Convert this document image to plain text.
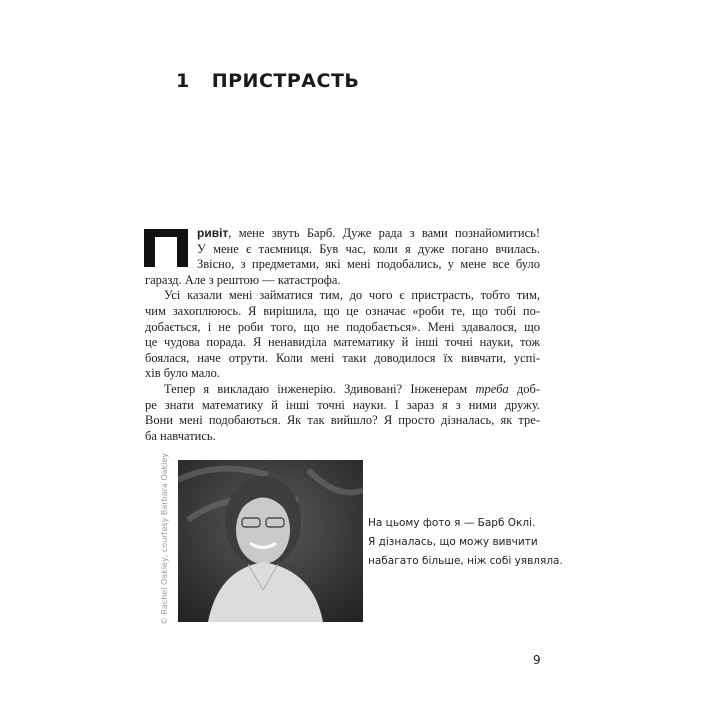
1 ПРИСТРАСТЬ
ривіт, мене звуть Барб. Дуже рада з вами познайомитись!
У мене є таємниця. Був час, коли я дуже погано вчилась.
Звісно, з предметами, які мені подобались, у мене все було
гаразд. Але з рештою — катастрофа.
Усі казали мені займатися тим, до чого є пристрасть, тобто тим,
чим захоплююсь. Я вирішила, що це означає «роби те, що тобі по-
добається, і не роби того, що не подобається». Мені здавалося, що
це чудова порада. Я ненавиділа математику й інші точні науки, тож
боялася, наче отрути. Коли мені таки доводилося їх вивчати, успі-
хів було мало.
Тепер я викладаю інженерію. Здивовані? Інженерам треба доб-
ре знати математику й інші точні науки. І зараз я з ними дружу.
Вони мені подобаються. Як так вийшло? Я просто дізналась, як тре-
ба навчатись.
© Rachel Oakley, courtesy Barbara Oakley	На цьому фото я — Барб Оклі.
Я дізналась, що можу вивчити
набагато більше, ніж собі уявляла.
9
